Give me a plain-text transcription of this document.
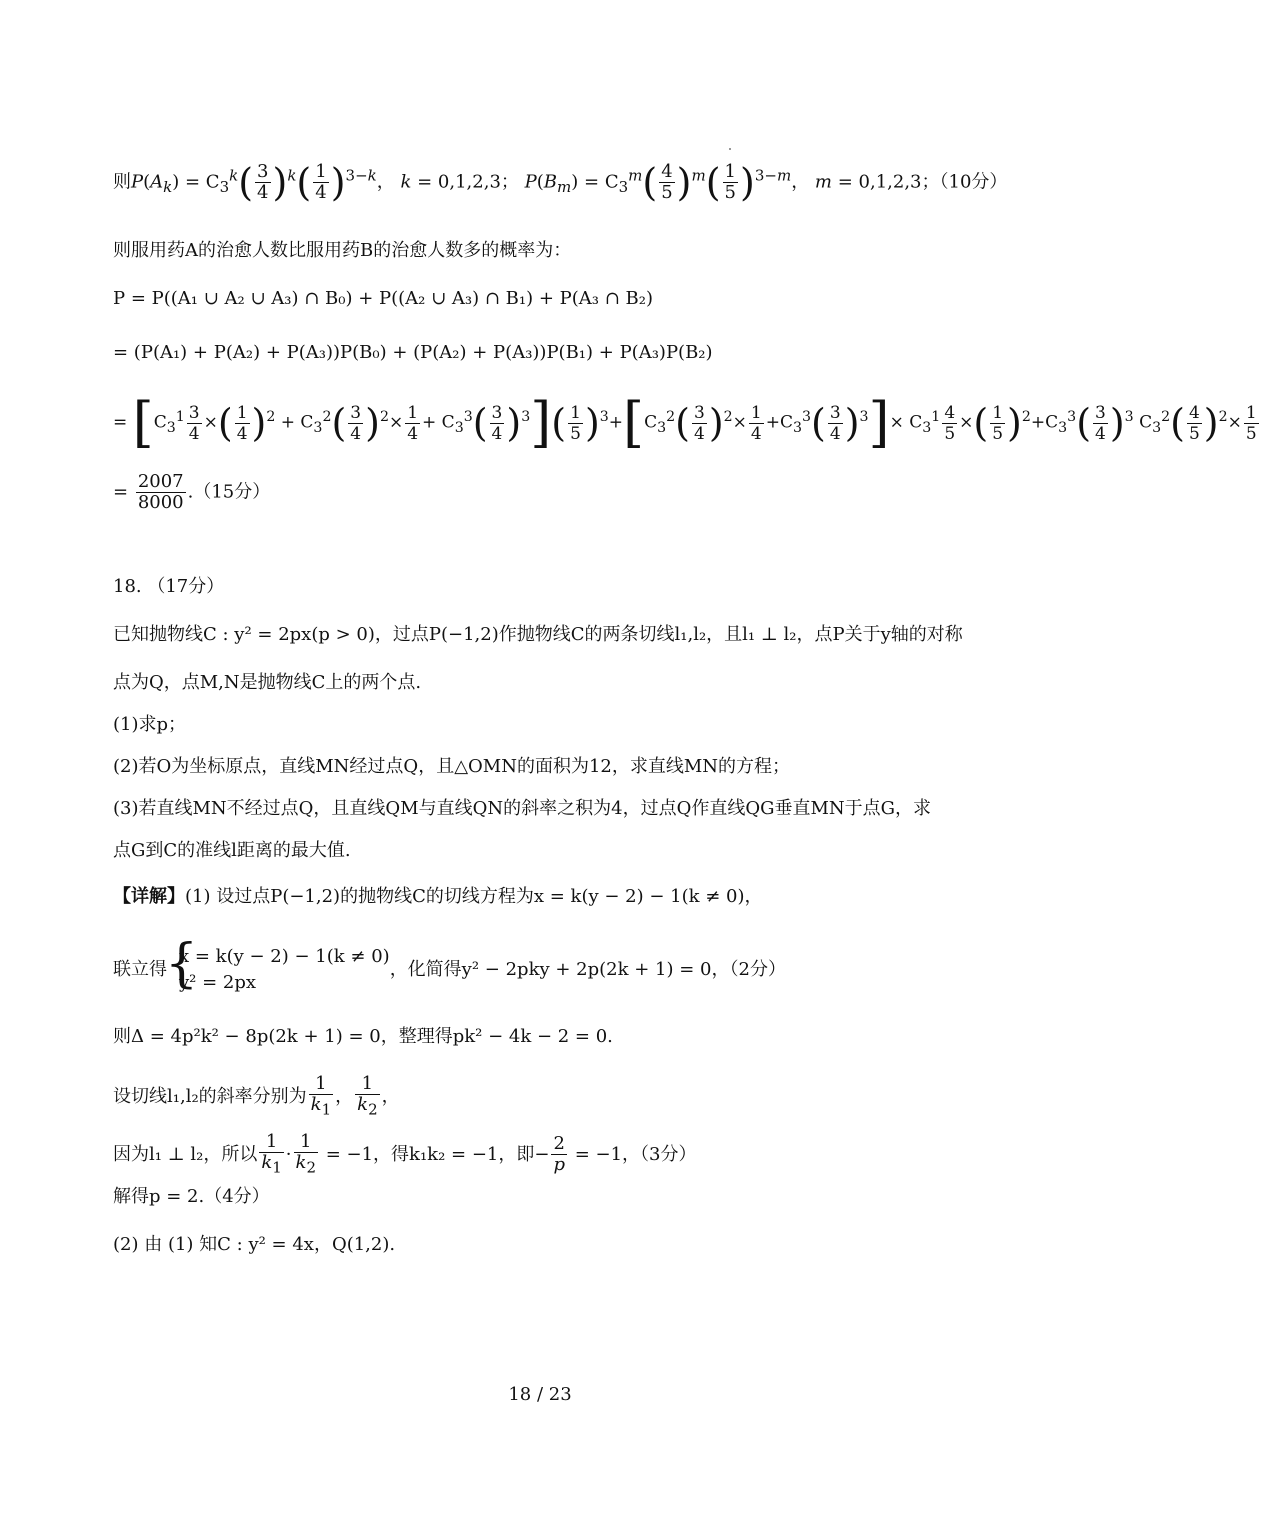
则$P(A_k) = C_3^k( \frac{3}{4} )^k( \frac{1}{4} )^{3-k}$， k = 0,1,2,3； $P(B_m) = C_3^m( \frac{4}{5} )^m( \frac{1}{5} )^{3-m}$， m = 0,1,2,3；（10分）
则服用药A的治愈人数比服用药B的治愈人数多的概率为：
P = P((A₁ ∪ A₂ ∪ A₃) ∩ B₀) + P((A₂ ∪ A₃) ∩ B₁) + P(A₃ ∩ B₂)
= (P(A₁) + P(A₂) + P(A₃))P(B₀) + (P(A₂) + P(A₃))P(B₁) + P(A₃)P(B₂)
= [$C_3^1 \frac{3}{4}$ ×( $\frac{1}{4} )^2 + C_3^2( \frac{3}{4} )^2\times \frac{1}{4} + C_3^3( \frac{3}{4} )^3]( \frac{1}{5} )^3+[C_3^2( \frac{3}{4} )^2\times \frac{1}{4} +C_3^3( \frac{3}{4} )^3]\times C_3^1 \frac{4}{5}$ ×( $\frac{1}{5} )^2+C_3^3( \frac{3}{4} )^3$ $C_3^2( \frac{4}{5} )^2\times \frac{1}{5}$
= $\frac{2007}{8000} .(15$分）
18. （17分）
已知抛物线C : y² = 2px(p > 0)，过点P(−1,2)作抛物线C的两条切线l₁,l₂，且l₁ ⊥ l₂，点P关于y轴的对称
点为Q，点M,N是抛物线C上的两个点.
(1)求p；
(2)若O为坐标原点，直线MN经过点Q，且△OMN的面积为12，求直线MN的方程；
(3)若直线MN不经过点Q，且直线QM与直线QN的斜率之积为4，过点Q作直线QG垂直MN于点G，求
点G到C的准线l距离的最大值.
【详解】(1) 设过点P(−1,2)的抛物线C的切线方程为x = k(y − 2) − 1(k ≠ 0)，
联立得
{
x = k(y − 2) − 1(k ≠ 0)
y² = 2px
，化简得y² − 2pky + 2p(2k + 1) = 0，（2分）
则Δ = 4p²k² − 8p(2k + 1) = 0，整理得pk² − 4k − 2 = 0.
设切线l₁,l₂的斜率分别为 $\frac{1}{k_1}$ ， $\frac{1}{k_2}$ ，
因为l₁ ⊥ l₂，所以 $\frac{1}{k_1} \cdot \frac{1}{k_2} = -1$，得k₁k₂ = −1，即− $\frac{2}{p} = -1$，（3分）
解得p = 2.（4分）
(2) 由 (1) 知C : y² = 4x，Q(1,2).
18 / 23
